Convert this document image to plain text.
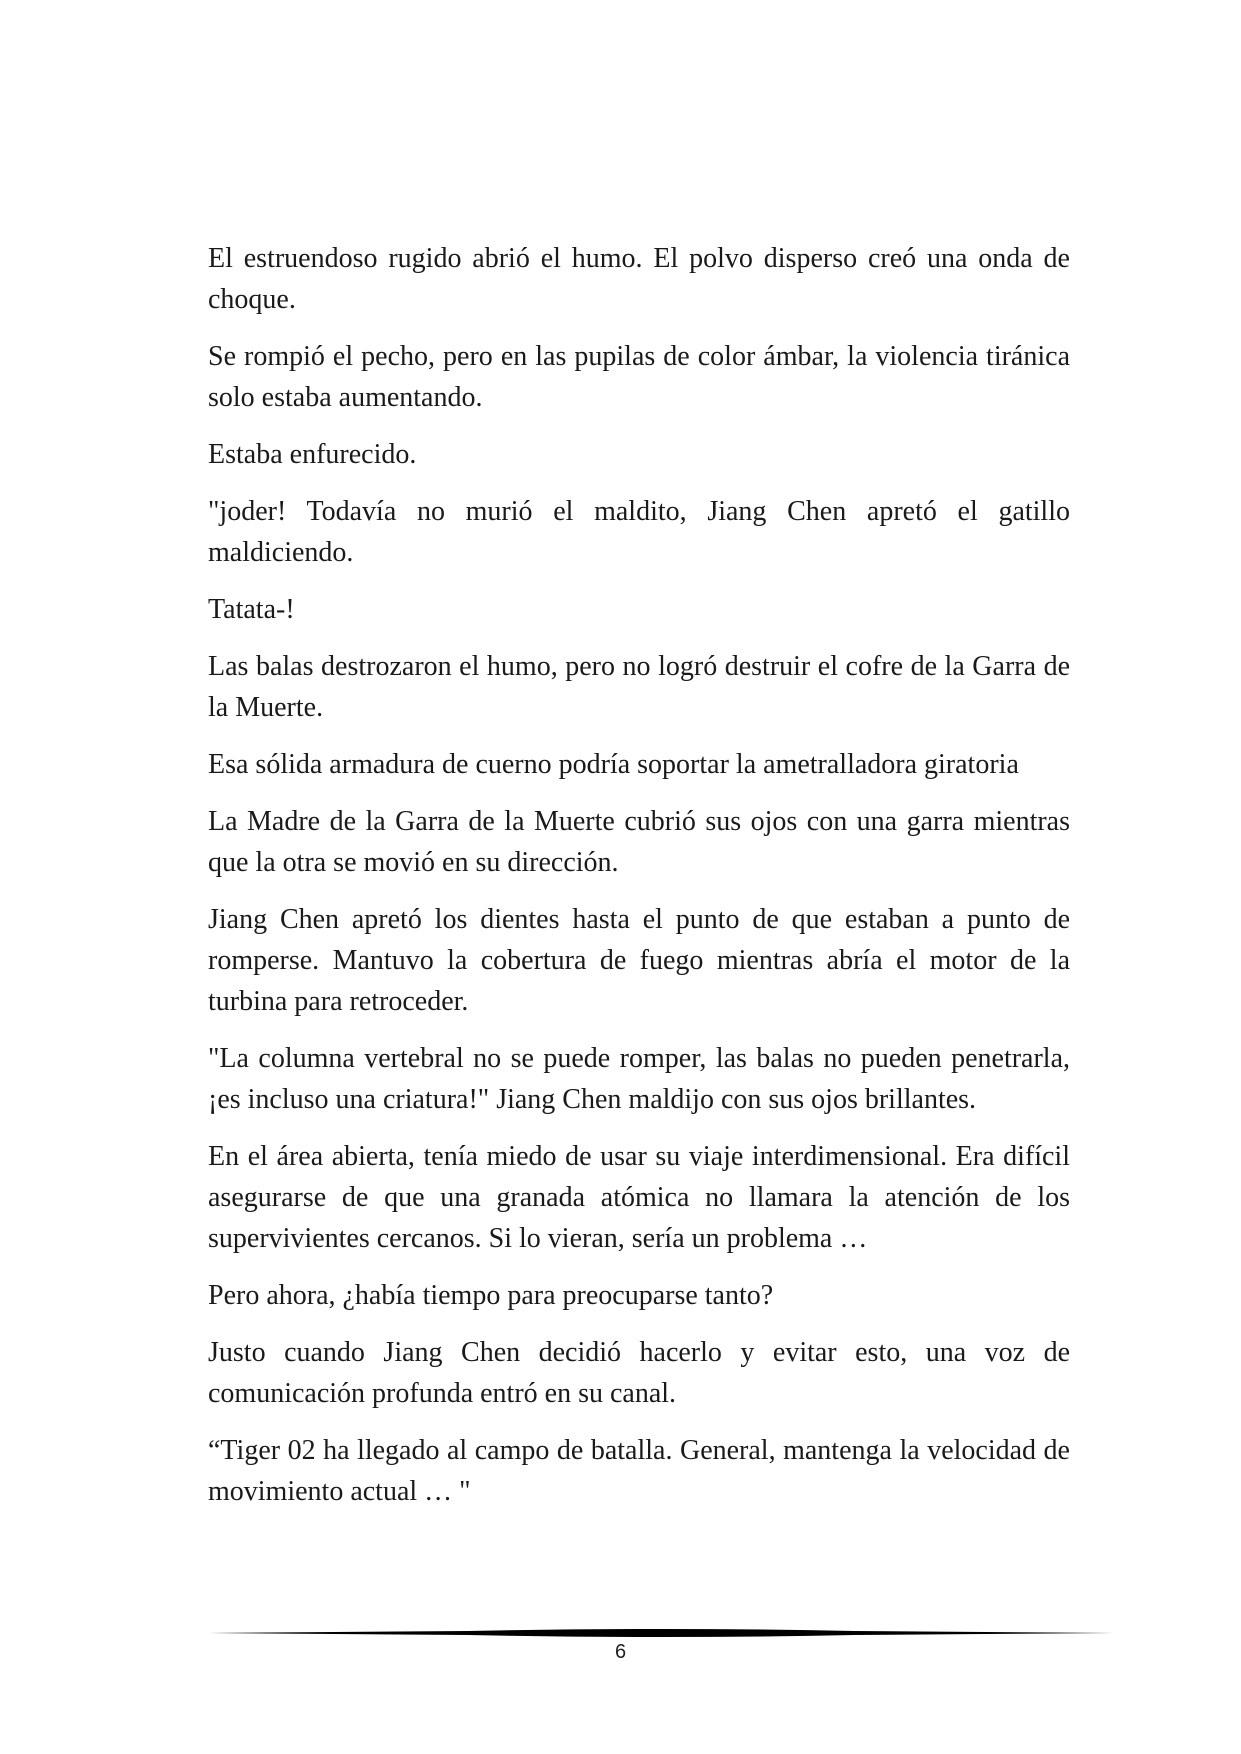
El estruendoso rugido abrió el humo. El polvo disperso creó una onda de choque.

Se rompió el pecho, pero en las pupilas de color ámbar, la violencia tiránica solo estaba aumentando.

Estaba enfurecido.

"joder! Todavía no murió el maldito, Jiang Chen apretó el gatillo maldiciendo.

Tatata-!

Las balas destrozaron el humo, pero no logró destruir el cofre de la Garra de la Muerte.

Esa sólida armadura de cuerno podría soportar la ametralladora giratoria

La Madre de la Garra de la Muerte cubrió sus ojos con una garra mientras que la otra se movió en su dirección.

Jiang Chen apretó los dientes hasta el punto de que estaban a punto de romperse. Mantuvo la cobertura de fuego mientras abría el motor de la turbina para retroceder.

"La columna vertebral no se puede romper, las balas no pueden penetrarla, ¡es incluso una criatura!" Jiang Chen maldijo con sus ojos brillantes.

En el área abierta, tenía miedo de usar su viaje interdimensional. Era difícil asegurarse de que una granada atómica no llamara la atención de los supervivientes cercanos. Si lo vieran, sería un problema …

Pero ahora, ¿había tiempo para preocuparse tanto?

Justo cuando Jiang Chen decidió hacerlo y evitar esto, una voz de comunicación profunda entró en su canal.

“Tiger 02 ha llegado al campo de batalla. General, mantenga la velocidad de movimiento actual … "

6
